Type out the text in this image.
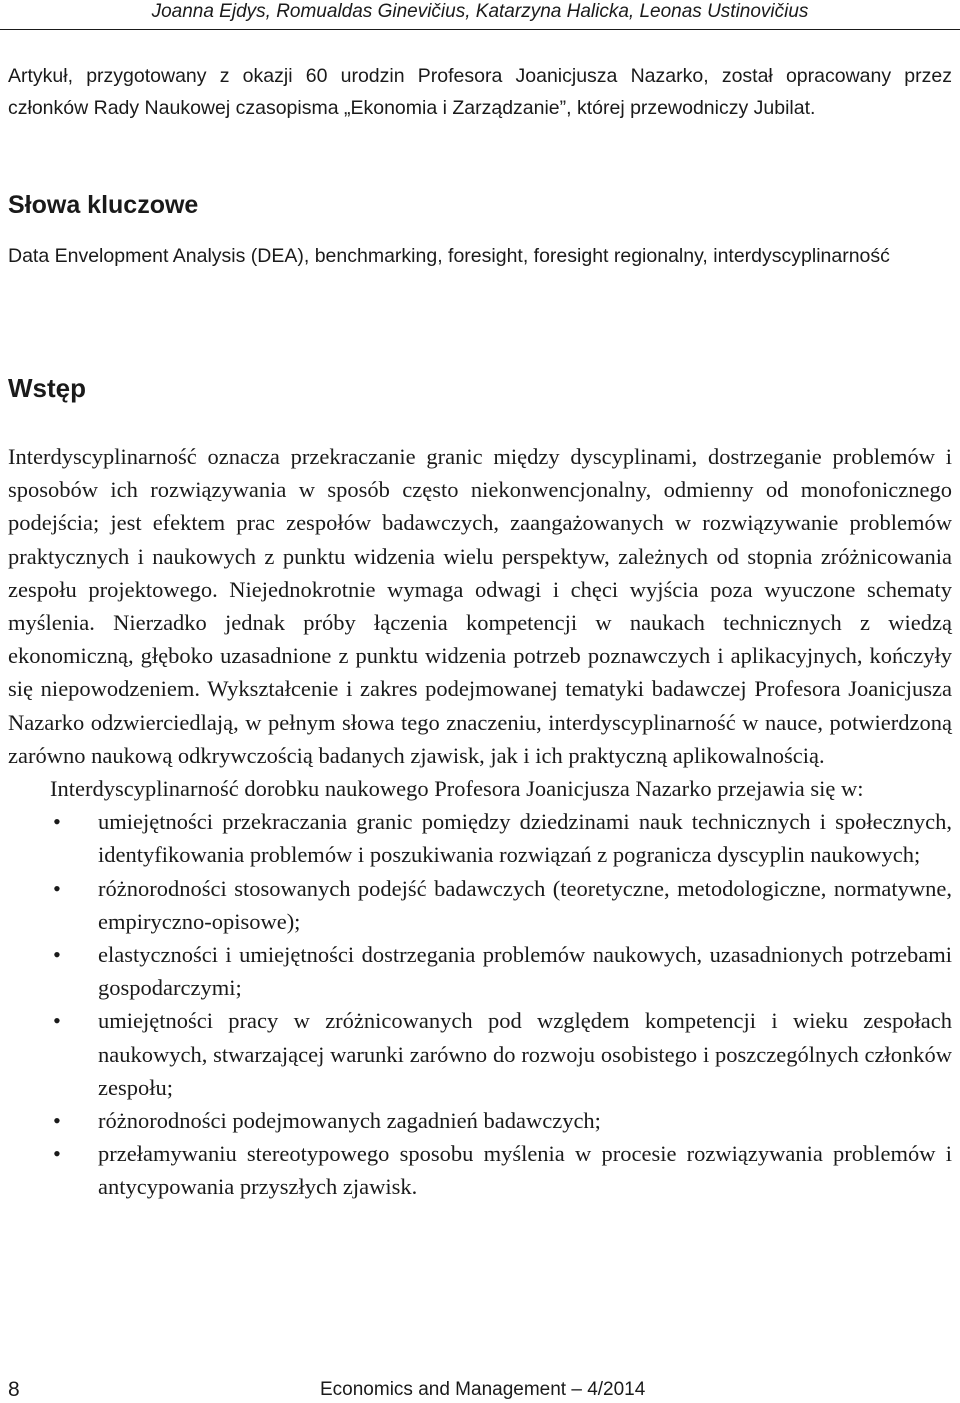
Joanna Ejdys, Romualdas Ginevičius, Katarzyna Halicka, Leonas Ustinovičius
Artykuł, przygotowany z okazji 60 urodzin Profesora Joanicjusza Nazarko, został opracowany przez członków Rady Naukowej czasopisma „Ekonomia i Zarządzanie”, której przewodniczy Jubilat.
Słowa kluczowe
Data Envelopment Analysis (DEA), benchmarking, foresight, foresight regionalny, interdyscyplinarność
Wstęp

Interdyscyplinarność oznacza przekraczanie granic między dyscyplinami, dostrzeganie problemów i sposobów ich rozwiązywania w sposób często niekonwencjonalny, odmienny od monofonicznego podejścia; jest efektem prac zespołów badawczych, zaangażowanych w rozwiązywanie problemów praktycznych i naukowych z punktu widzenia wielu perspektyw, zależnych od stopnia zróżnicowania zespołu projektowego. Niejednokrotnie wymaga odwagi i chęci wyjścia poza wyuczone schematy myślenia. Nierzadko jednak próby łączenia kompetencji w naukach technicznych z wiedzą ekonomiczną, głęboko uzasadnione z punktu widzenia potrzeb poznawczych i aplikacyjnych, kończyły się niepowodzeniem. Wykształcenie i zakres podejmowanej tematyki badawczej Profesora Joanicjusza Nazarko odzwierciedlają, w pełnym słowa tego znaczeniu, interdyscyplinarność w nauce, potwierdzoną zarówno naukową odkrywczością badanych zjawisk, jak i ich praktyczną aplikowalnością.

Interdyscyplinarność dorobku naukowego Profesora Joanicjusza Nazarko przejawia się w:

• umiejętności przekraczania granic pomiędzy dziedzinami nauk technicznych i społecznych, identyfikowania problemów i poszukiwania rozwiązań z pogranicza dyscyplin naukowych;
• różnorodności stosowanych podejść badawczych (teoretyczne, metodologiczne, normatywne, empiryczno-opisowe);
• elastyczności i umiejętności dostrzegania problemów naukowych, uzasadnionych potrzebami gospodarczymi;
• umiejętności pracy w zróżnicowanych pod względem kompetencji i wieku zespołach naukowych, stwarzającej warunki zarówno do rozwoju osobistego i poszczególnych członków zespołu;
• różnorodności podejmowanych zagadnień badawczych;
• przełamywaniu stereotypowego sposobu myślenia w procesie rozwiązywania problemów i antycypowania przyszłych zjawisk.
8	Economics and Management – 4/2014
